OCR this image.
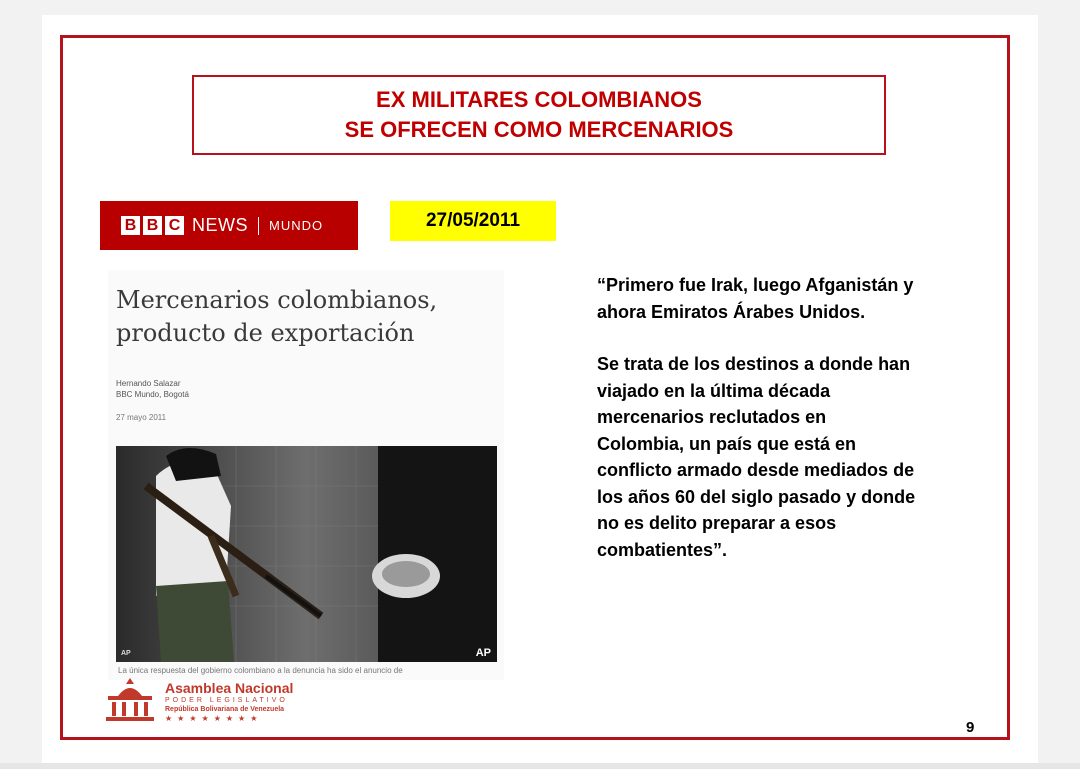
EX MILITARES COLOMBIANOS
SE OFRECEN COMO MERCENARIOS
B B C NEWS MUNDO	27/05/2011
Mercenarios colombianos, producto de exportación
Hernando Salazar
BBC Mundo, Bogotá
27 mayo 2011
AP	AP
La única respuesta del gobierno colombiano a la denuncia ha sido el anuncio de

“Primero fue Irak, luego Afganistán y ahora Emiratos Árabes Unidos.

Se trata de los destinos a donde han viajado en la última década mercenarios reclutados en Colombia, un país que está en conflicto armado desde mediados de los años 60 del siglo pasado y donde no es delito preparar a esos combatientes”.

Asamblea Nacional
PODER LEGISLATIVO
República Bolivariana de Venezuela
★★★★★★★★
9
